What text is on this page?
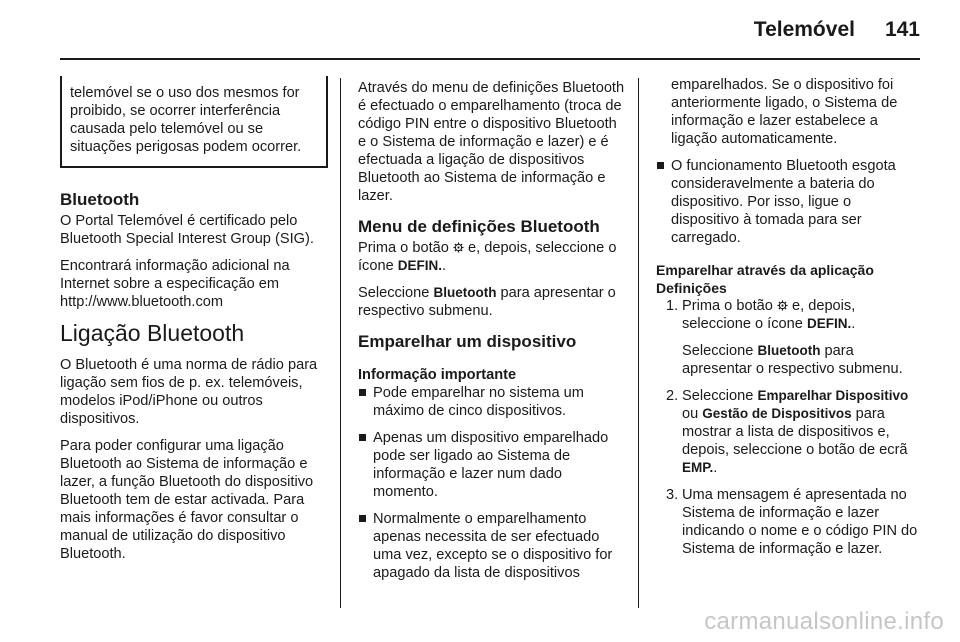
Telemóvel 141
telemóvel se o uso dos mesmos for proibido, se ocorrer interferência causada pelo telemóvel ou se situações perigosas podem ocorrer.
Bluetooth

O Portal Telemóvel é certificado pelo Bluetooth Special Interest Group (SIG).

Encontrará informação adicional na Internet sobre a especificação em http://www.bluetooth.com

Ligação Bluetooth

O Bluetooth é uma norma de rádio para ligação sem fios de p. ex. telemóveis, modelos iPod/iPhone ou outros dispositivos.

Para poder configurar uma ligação Bluetooth ao Sistema de informação e lazer, a função Bluetooth do dispositivo Bluetooth tem de estar activada. Para mais informações é favor consultar o manual de utilização do dispositivo Bluetooth.

Através do menu de definições Bluetooth é efectuado o emparelhamento (troca de código PIN entre o dispositivo Bluetooth e o Sistema de informação e lazer) e é efectuada a ligação de dispositivos Bluetooth ao Sistema de informação e lazer.

Menu de definições Bluetooth

Prima o botão e, depois, seleccione o ícone DEFIN..

Seleccione Bluetooth para apresentar o respectivo submenu.

Emparelhar um dispositivo
Informação importante
Pode emparelhar no sistema um máximo de cinco dispositivos.
Apenas um dispositivo emparelhado pode ser ligado ao Sistema de informação e lazer num dado momento.
Normalmente o emparelhamento apenas necessita de ser efectuado uma vez, excepto se o dispositivo for apagado da lista de dispositivos

emparelhados. Se o dispositivo foi anteriormente ligado, o Sistema de informação e lazer estabelece a ligação automaticamente.

O funcionamento Bluetooth esgota consideravelmente a bateria do dispositivo. Por isso, ligue o dispositivo à tomada para ser carregado.
Emparelhar através da aplicação Definições
1. Prima o botão e, depois, seleccione o ícone DEFIN..

Seleccione Bluetooth para apresentar o respectivo submenu.

2. Seleccione Emparelhar Dispositivo ou Gestão de Dispositivos para mostrar a lista de dispositivos e, depois, seleccione o botão de ecrã EMP..
3. Uma mensagem é apresentada no Sistema de informação e lazer indicando o nome e o código PIN do Sistema de informação e lazer.
carmanualsonline.info
